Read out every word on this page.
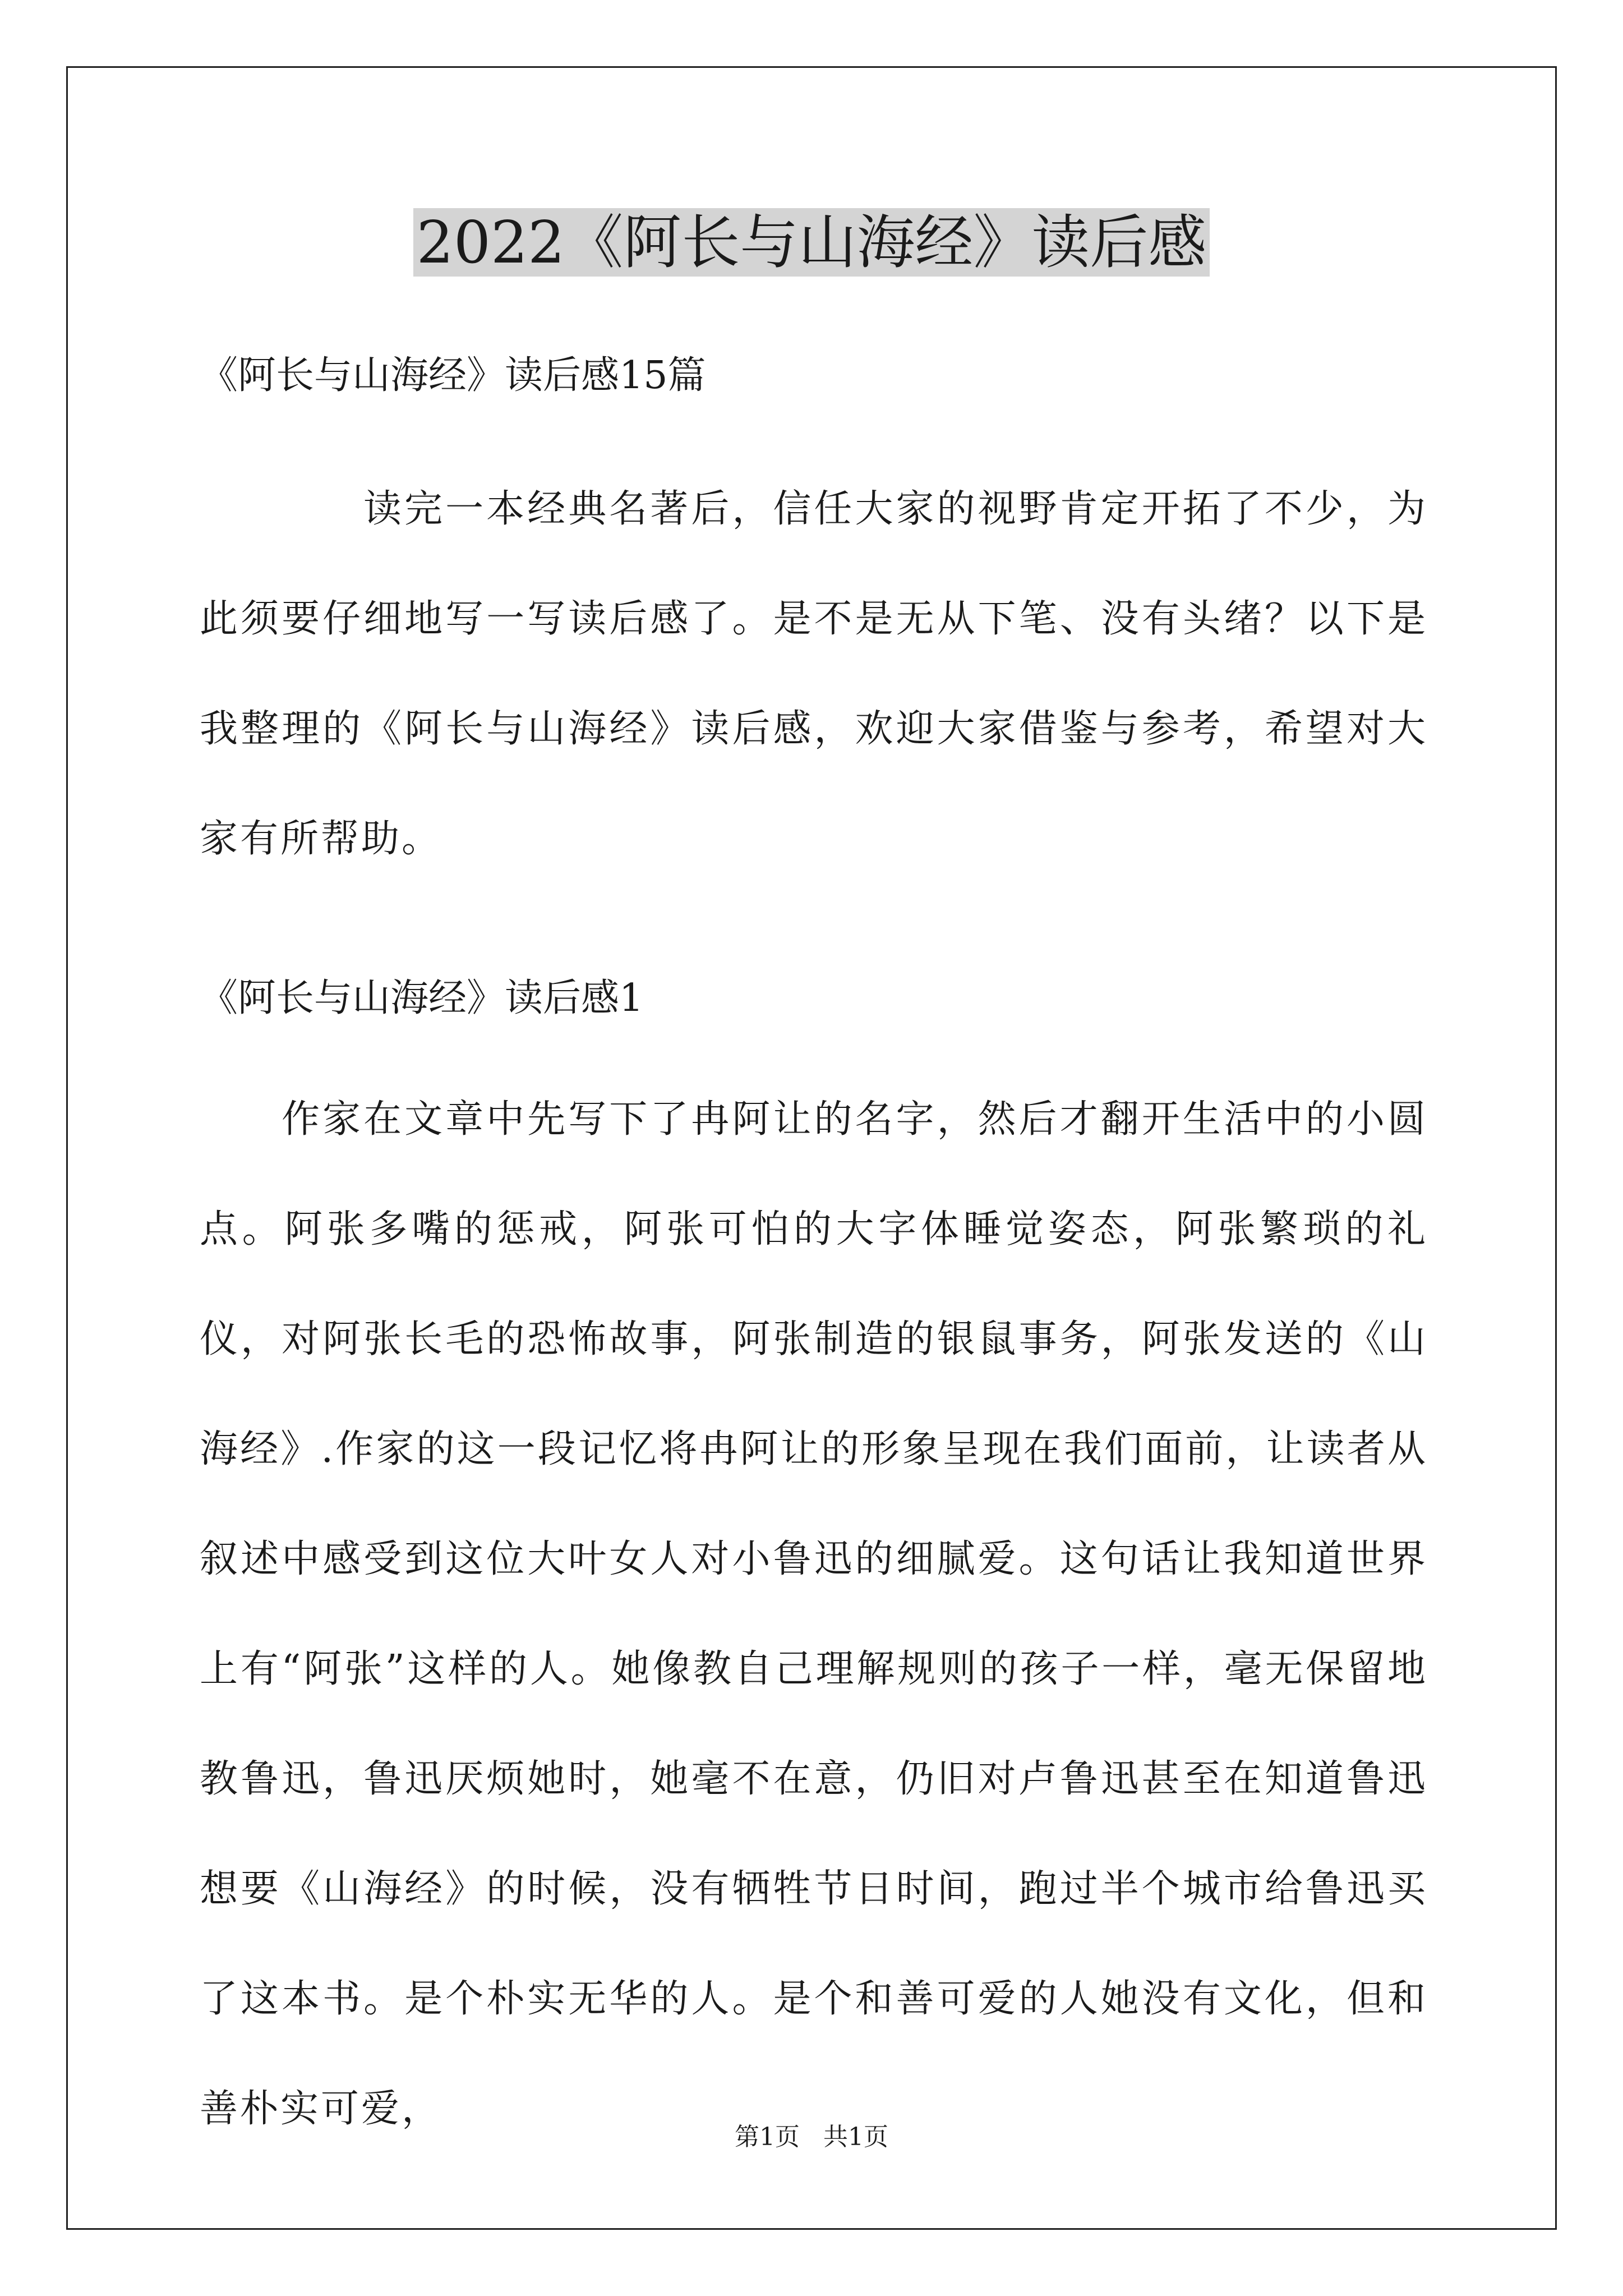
2022《阿长与山海经》读后感

《阿长与山海经》读后感15篇

读完一本经典名著后，信任大家的视野肯定开拓了不少，为此须要仔细地写一写读后感了。是不是无从下笔、没有头绪？以下是我整理的《阿长与山海经》读后感，欢迎大家借鉴与参考，希望对大家有所帮助。

《阿长与山海经》读后感1

作家在文章中先写下了冉阿让的名字，然后才翻开生活中的小圆点。阿张多嘴的惩戒，阿张可怕的大字体睡觉姿态，阿张繁琐的礼仪，对阿张长毛的恐怖故事，阿张制造的银鼠事务，阿张发送的《山海经》.作家的这一段记忆将冉阿让的形象呈现在我们面前，让读者从叙述中感受到这位大叶女人对小鲁迅的细腻爱。这句话让我知道世界上有“阿张”这样的人。她像教自己理解规则的孩子一样，毫无保留地教鲁迅，鲁迅厌烦她时，她毫不在意，仍旧对卢鲁迅甚至在知道鲁迅想要《山海经》的时候，没有牺牲节日时间，跑过半个城市给鲁迅买了这本书。是个朴实无华的人。是个和善可爱的人她没有文化，但和善朴实可爱，

第1页   共1页
